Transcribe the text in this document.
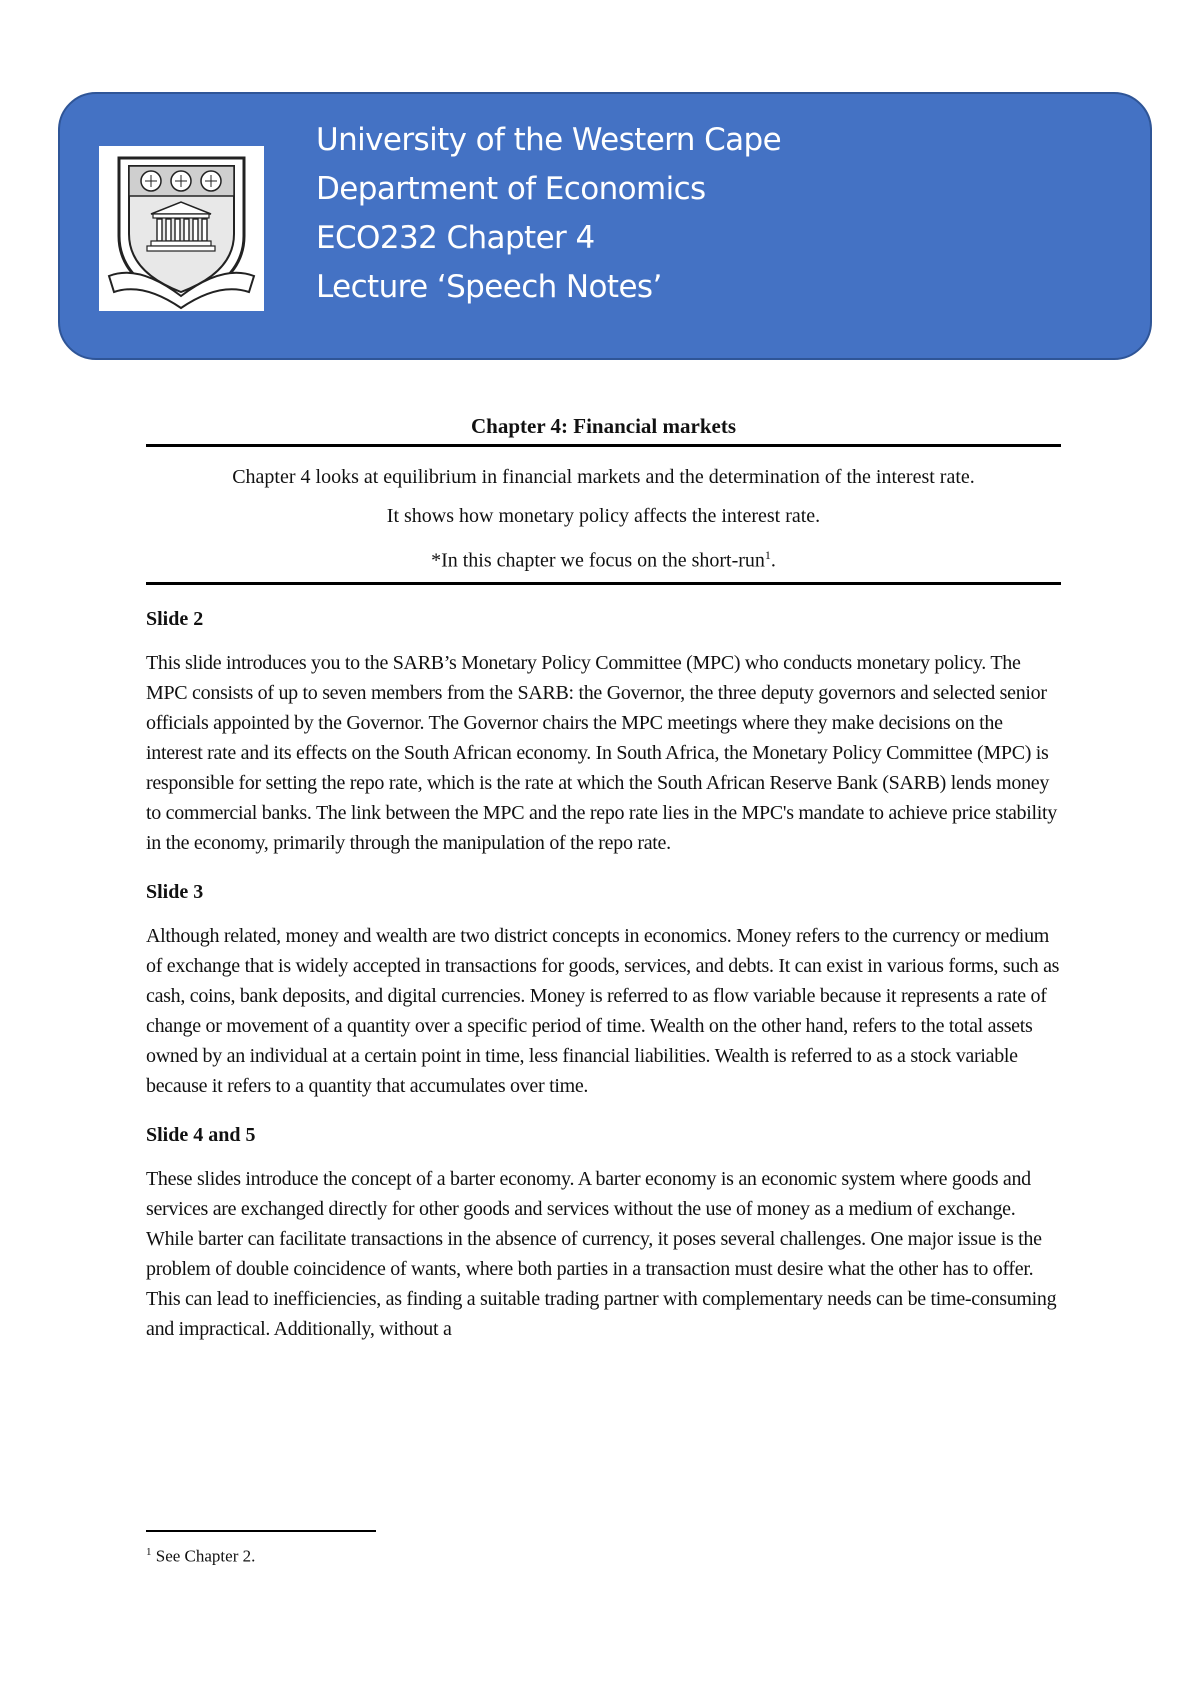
University of the Western Cape
Department of Economics
ECO232 Chapter 4
Lecture ‘Speech Notes’
Chapter 4: Financial markets

Chapter 4 looks at equilibrium in financial markets and the determination of the interest rate.

It shows how monetary policy affects the interest rate.

*In this chapter we focus on the short-run$^1$.

Slide 2

This slide introduces you to the SARB’s Monetary Policy Committee (MPC) who conducts monetary policy. The MPC consists of up to seven members from the SARB: the Governor, the three deputy governors and selected senior officials appointed by the Governor. The Governor chairs the MPC meetings where they make decisions on the interest rate and its effects on the South African economy. In South Africa, the Monetary Policy Committee (MPC) is responsible for setting the repo rate, which is the rate at which the South African Reserve Bank (SARB) lends money to commercial banks. The link between the MPC and the repo rate lies in the MPC's mandate to achieve price stability in the economy, primarily through the manipulation of the repo rate.

Slide 3

Although related, money and wealth are two district concepts in economics. Money refers to the currency or medium of exchange that is widely accepted in transactions for goods, services, and debts. It can exist in various forms, such as cash, coins, bank deposits, and digital currencies. Money is referred to as flow variable because it represents a rate of change or movement of a quantity over a specific period of time. Wealth on the other hand, refers to the total assets owned by an individual at a certain point in time, less financial liabilities. Wealth is referred to as a stock variable because it refers to a quantity that accumulates over time.

Slide 4 and 5

These slides introduce the concept of a barter economy. A barter economy is an economic system where goods and services are exchanged directly for other goods and services without the use of money as a medium of exchange. While barter can facilitate transactions in the absence of currency, it poses several challenges. One major issue is the problem of double coincidence of wants, where both parties in a transaction must desire what the other has to offer. This can lead to inefficiencies, as finding a suitable trading partner with complementary needs can be time-consuming and impractical. Additionally, without a

$^1$ See Chapter 2.
